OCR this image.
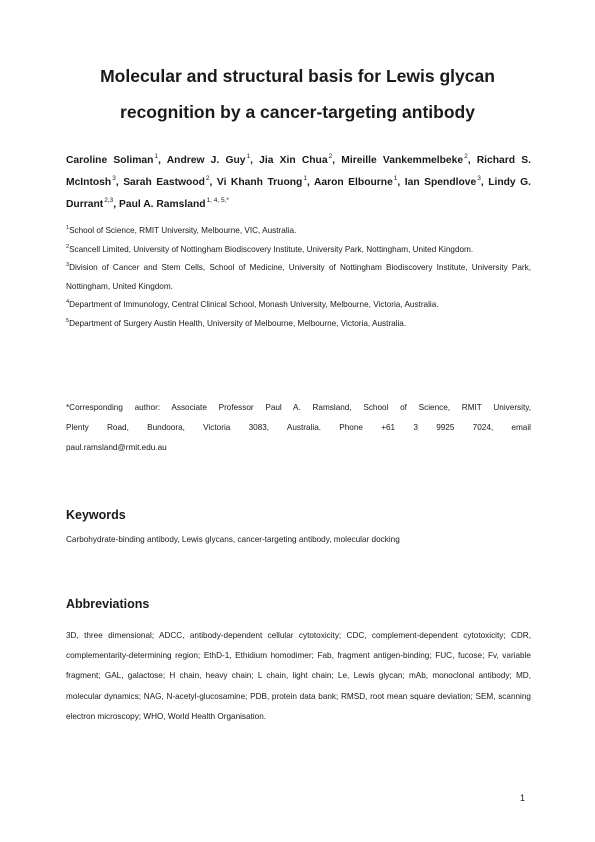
Molecular and structural basis for Lewis glycan
recognition by a cancer-targeting antibody
Caroline Soliman$^1$, Andrew J. Guy$^1$, Jia Xin Chua$^2$, Mireille Vankemmelbeke$^2$, Richard S. McIntosh$^3$, Sarah Eastwood$^2$, Vi Khanh Truong$^1$, Aaron Elbourne$^1$, Ian Spendlove$^3$, Lindy G. Durrant$^{2,3}$, Paul A. Ramsland$^{1, 4, 5,*}$

$^1$School of Science, RMIT University, Melbourne, VIC, Australia.

$^2$Scancell Limited, University of Nottingham Biodiscovery Institute, University Park, Nottingham, United Kingdom.

$^3$Division of Cancer and Stem Cells, School of Medicine, University of Nottingham Biodiscovery Institute, University Park, Nottingham, United Kingdom.

$^4$Department of Immunology, Central Clinical School, Monash University, Melbourne, Victoria, Australia.

$^5$Department of Surgery Austin Health, University of Melbourne, Melbourne, Victoria, Australia.

*Corresponding author: Associate Professor Paul A. Ramsland, School of Science, RMIT University,
Plenty Road, Bundoora, Victoria 3083, Australia. Phone +61 3 9925 7024, email
paul.ramsland@rmit.edu.au
Keywords
Carbohydrate-binding antibody, Lewis glycans, cancer-targeting antibody, molecular docking
Abbreviations
3D, three dimensional; ADCC, antibody-dependent cellular cytotoxicity; CDC, complement-dependent cytotoxicity; CDR, complementarity-determining region; EthD-1, Ethidium homodimer; Fab, fragment antigen-binding; FUC, fucose; Fv, variable fragment; GAL, galactose; H chain, heavy chain; L chain, light chain; Le, Lewis glycan; mAb, monoclonal antibody; MD, molecular dynamics; NAG, N-acetyl-glucosamine; PDB, protein data bank; RMSD, root mean square deviation; SEM, scanning electron microscopy; WHO, World Health Organisation.
1
